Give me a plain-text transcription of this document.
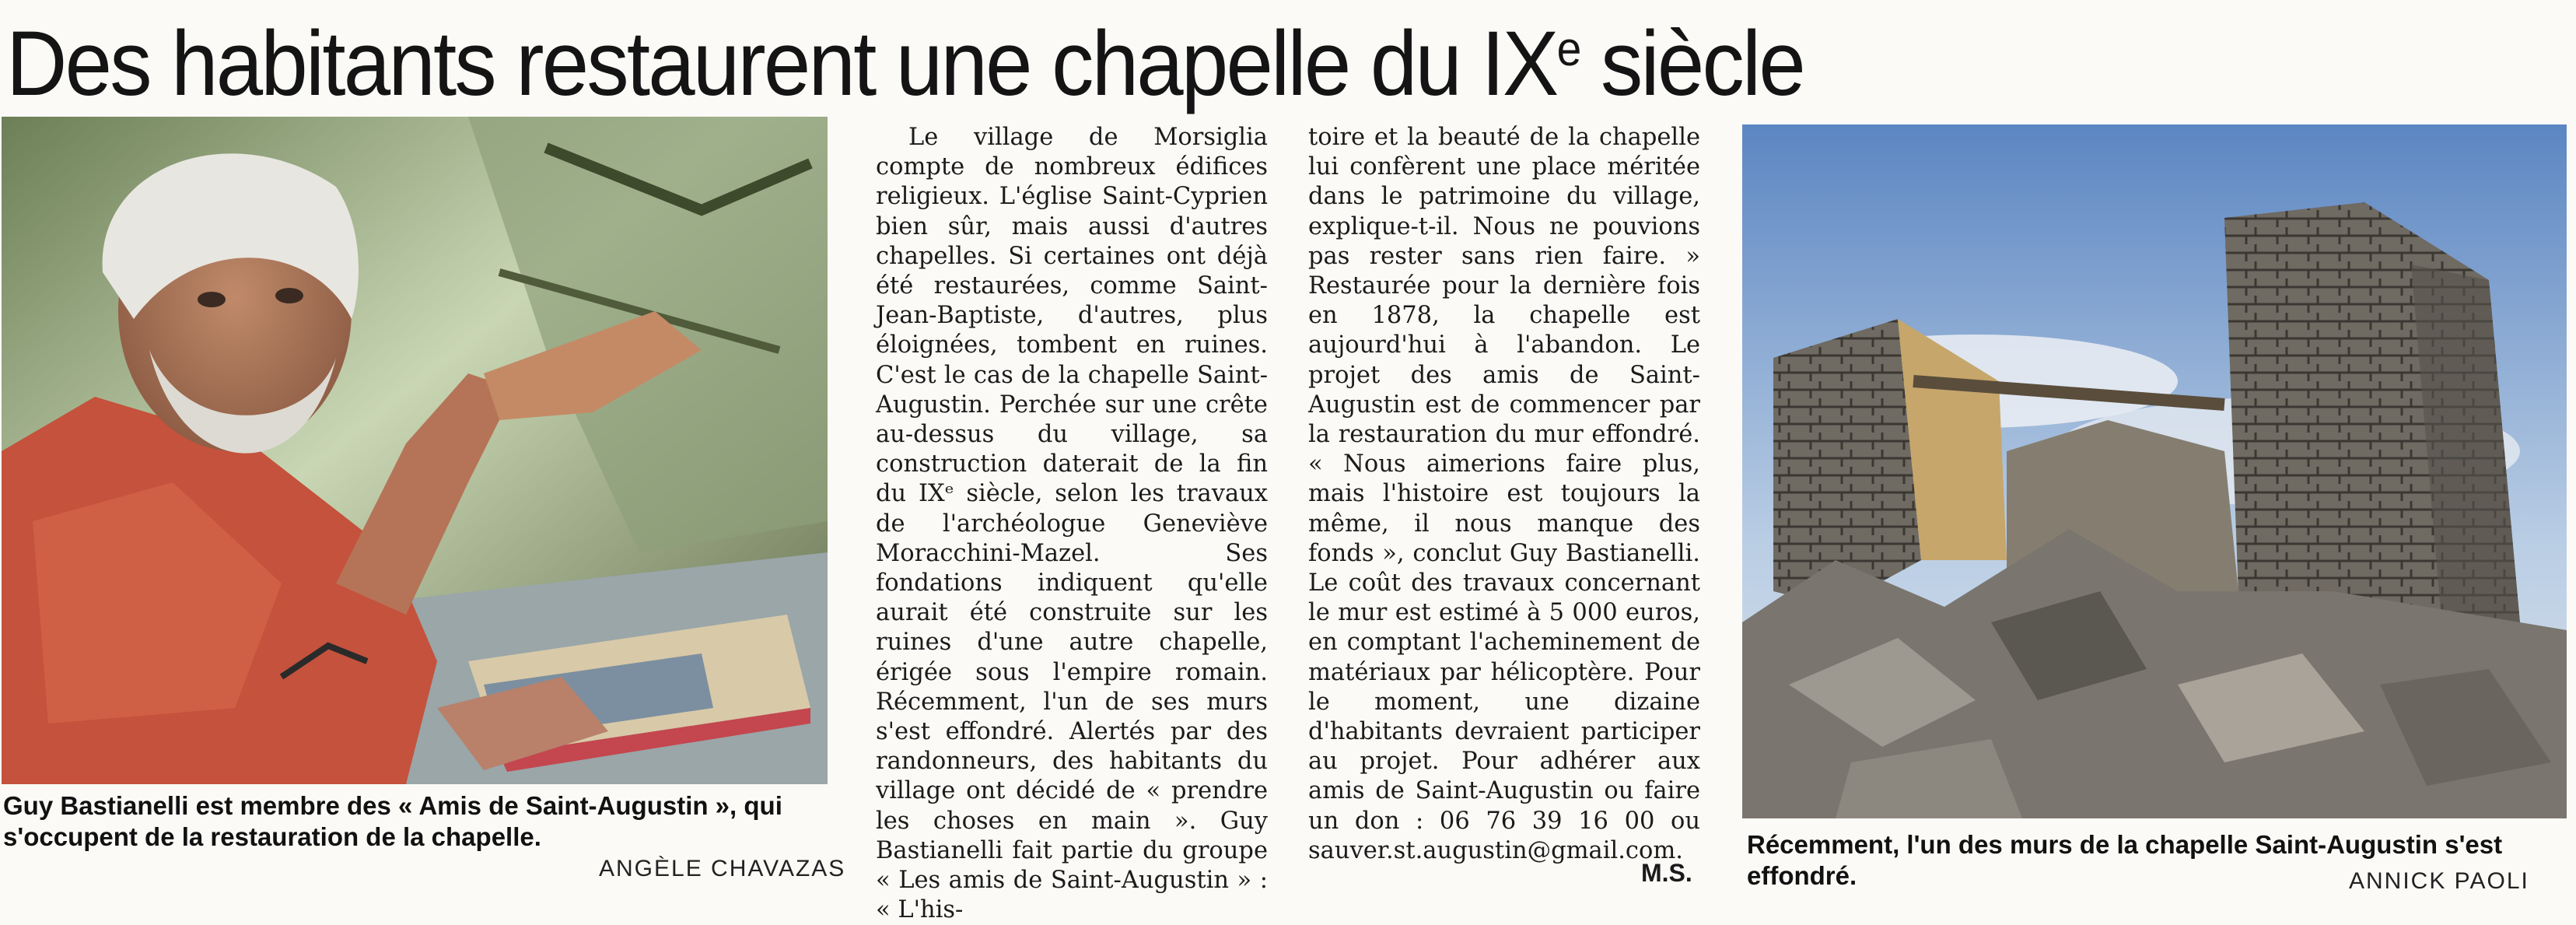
Des habitants restaurent une chapelle du IXe siècle
Guy Bastianelli est membre des « Amis de Saint-Augustin », qui s'occupent de la restauration de la chapelle.
ANGÈLE CHAVAZAS

Le village de Morsiglia compte de nombreux édifices religieux. L'église Saint-Cyprien bien sûr, mais aussi d'autres chapelles. Si certaines ont déjà été restaurées, comme Saint-Jean-Baptiste, d'autres, plus éloignées, tombent en ruines. C'est le cas de la chapelle Saint-Augustin. Perchée sur une crête au-dessus du village, sa construction daterait de la fin du IXᵉ siècle, selon les travaux de l'archéologue Geneviève Moracchini-Mazel. Ses fondations indiquent qu'elle aurait été construite sur les ruines d'une autre chapelle, érigée sous l'empire romain. Récemment, l'un de ses murs s'est effondré. Alertés par des randonneurs, des habitants du village ont décidé de « prendre les choses en main ». Guy Bastianelli fait partie du groupe « Les amis de Saint-Augustin » : « L'his-

toire et la beauté de la chapelle lui confèrent une place méritée dans le patrimoine du village, explique-t-il. Nous ne pouvions pas rester sans rien faire. » Restaurée pour la dernière fois en 1878, la chapelle est aujourd'hui à l'abandon. Le projet des amis de Saint-Augustin est de commencer par la restauration du mur effondré. « Nous aimerions faire plus, mais l'histoire est toujours la même, il nous manque des fonds », conclut Guy Bastianelli. Le coût des travaux concernant le mur est estimé à 5 000 euros, en comptant l'acheminement de matériaux par hélicoptère. Pour le moment, une dizaine d'habitants devraient participer au projet. Pour adhérer aux amis de Saint-Augustin ou faire un don : 06 76 39 16 00 ou sauver.st.augustin@gmail.com.

M.S.
Récemment, l'un des murs de la chapelle Saint-Augustin s'est effondré.	ANNICK PAOLI
